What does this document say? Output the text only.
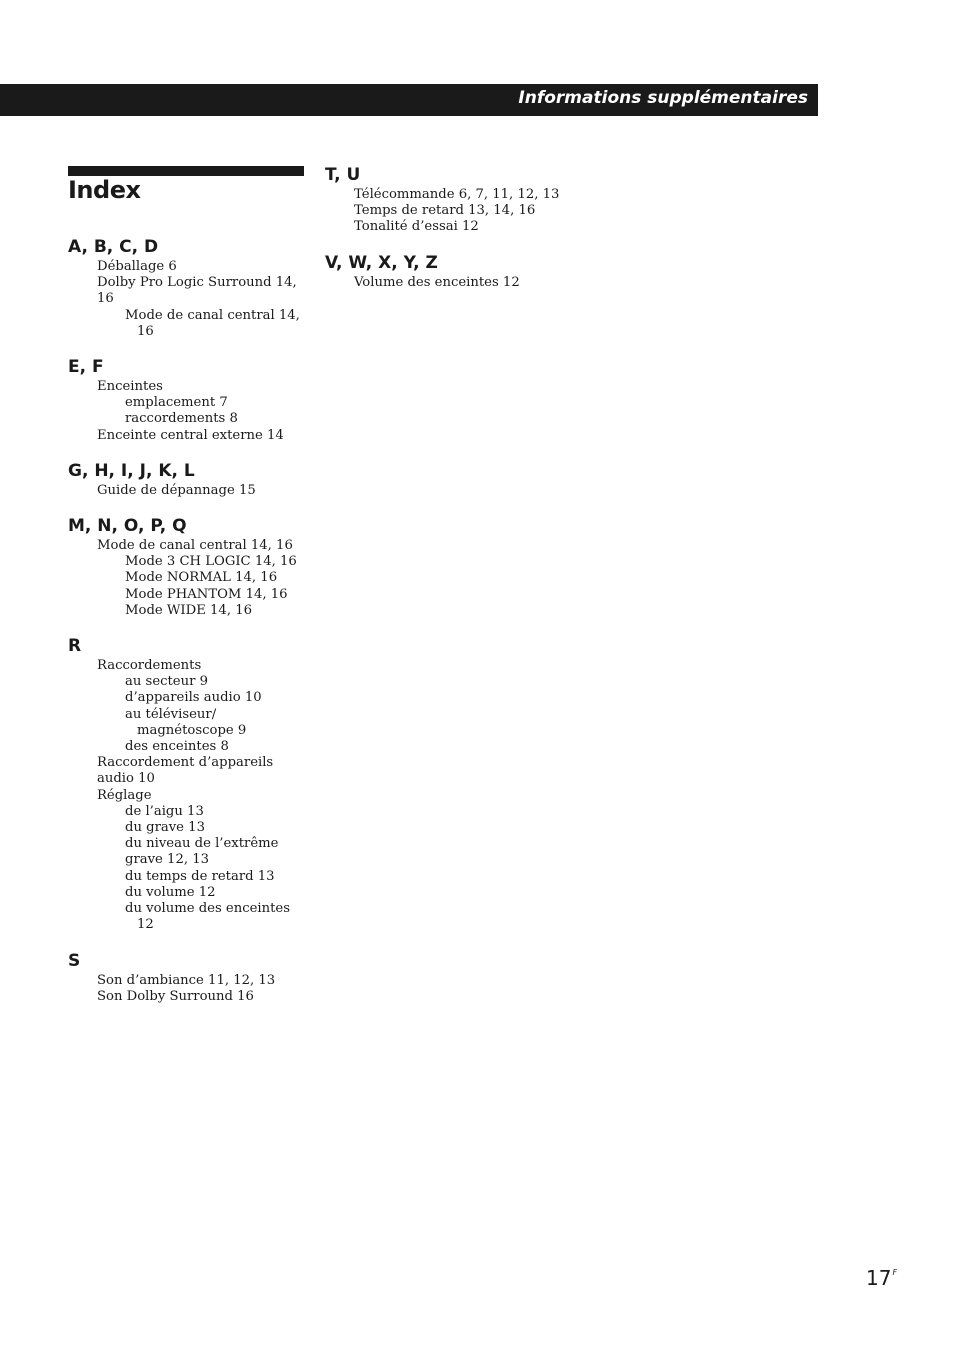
Informations supplémentaires
Index
A, B, C, D
Déballage 6
Dolby Pro Logic Surround 14,
16
Mode de canal central 14,
16
E, F
Enceintes
emplacement 7
raccordements 8
Enceinte central externe 14
G, H, I, J, K, L
Guide de dépannage 15
M, N, O, P, Q
Mode de canal central 14, 16
Mode 3 CH LOGIC 14, 16
Mode NORMAL 14, 16
Mode PHANTOM 14, 16
Mode WIDE 14, 16
R
Raccordements
au secteur 9
d’appareils audio 10
au téléviseur/
magnétoscope 9
des enceintes 8
Raccordement d’appareils
audio 10
Réglage
de l’aigu 13
du grave 13
du niveau de l’extrême
grave 12, 13
du temps de retard 13
du volume 12
du volume des enceintes
12
S
Son d’ambiance 11, 12, 13
Son Dolby Surround 16
T, U
Télécommande 6, 7, 11, 12, 13
Temps de retard 13, 14, 16
Tonalité d’essai 12
V, W, X, Y, Z
Volume des enceintes 12
$17^F$
